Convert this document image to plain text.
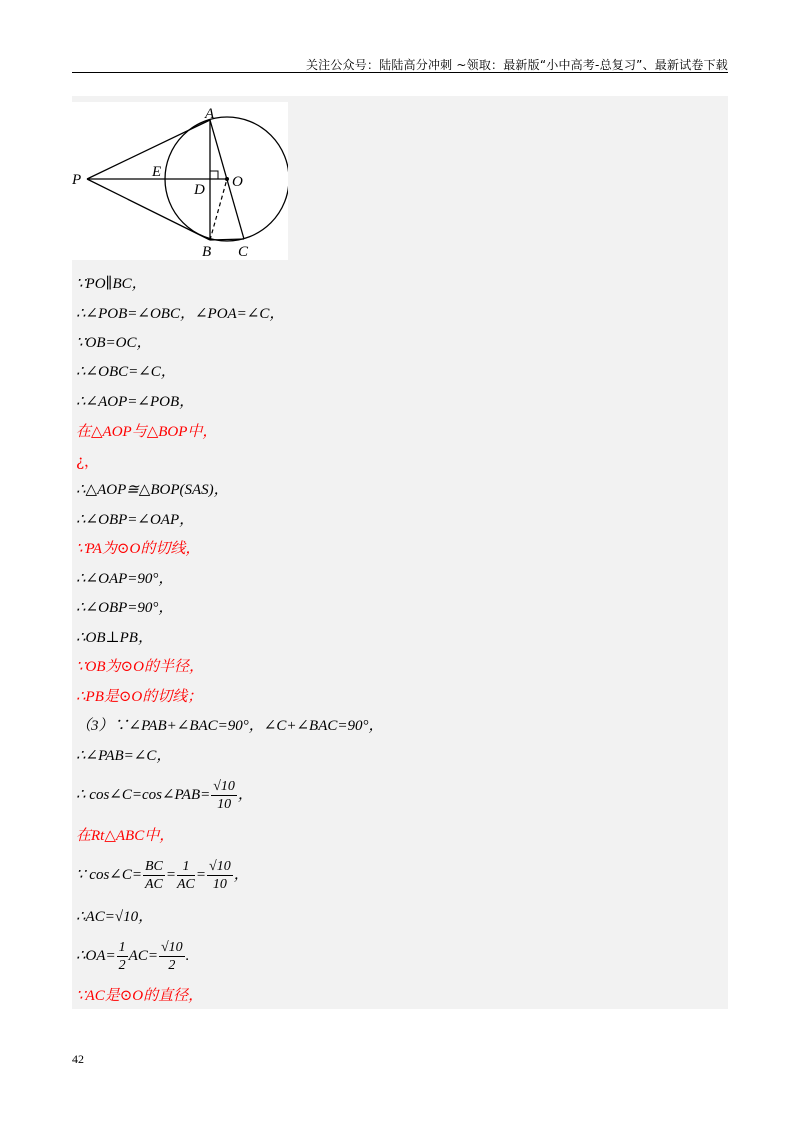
关注公众号：陆陆高分冲刺 ~领取：最新版“小中高考-总复习”、最新试卷下载
A
P	E
D O
B C
∵PO∥BC，
∴∠POB=∠OBC，∠POA=∠C，
∵OB=OC，
∴∠OBC=∠C，
∴∠AOP=∠POB，
在△AOP与△BOP中，
¿，
∴△AOP≅△BOP(SAS)，
∴∠OBP=∠OAP，
∵PA为⊙O的切线，
∴∠OAP=90°，
∴∠OBP=90°，
∴OB⊥PB，
∵OB为⊙O的半径，
∴PB是⊙O的切线；
（3）∵∠PAB+∠BAC=90°，∠C+∠BAC=90°，
∴∠PAB=∠C，
∴ cos∠C=cos∠PAB= $\frac{√10}{10}$ ，
在Rt△ABC中，
∵ cos∠C= $\frac{BC}{AC} = \frac{1}{AC} = \frac{√10}{10}$ ，
∴AC=√10，
∴OA= $\frac{1}{2} AC= \frac{√10}{2}$ .
∵AC是⊙O的直径，
42
